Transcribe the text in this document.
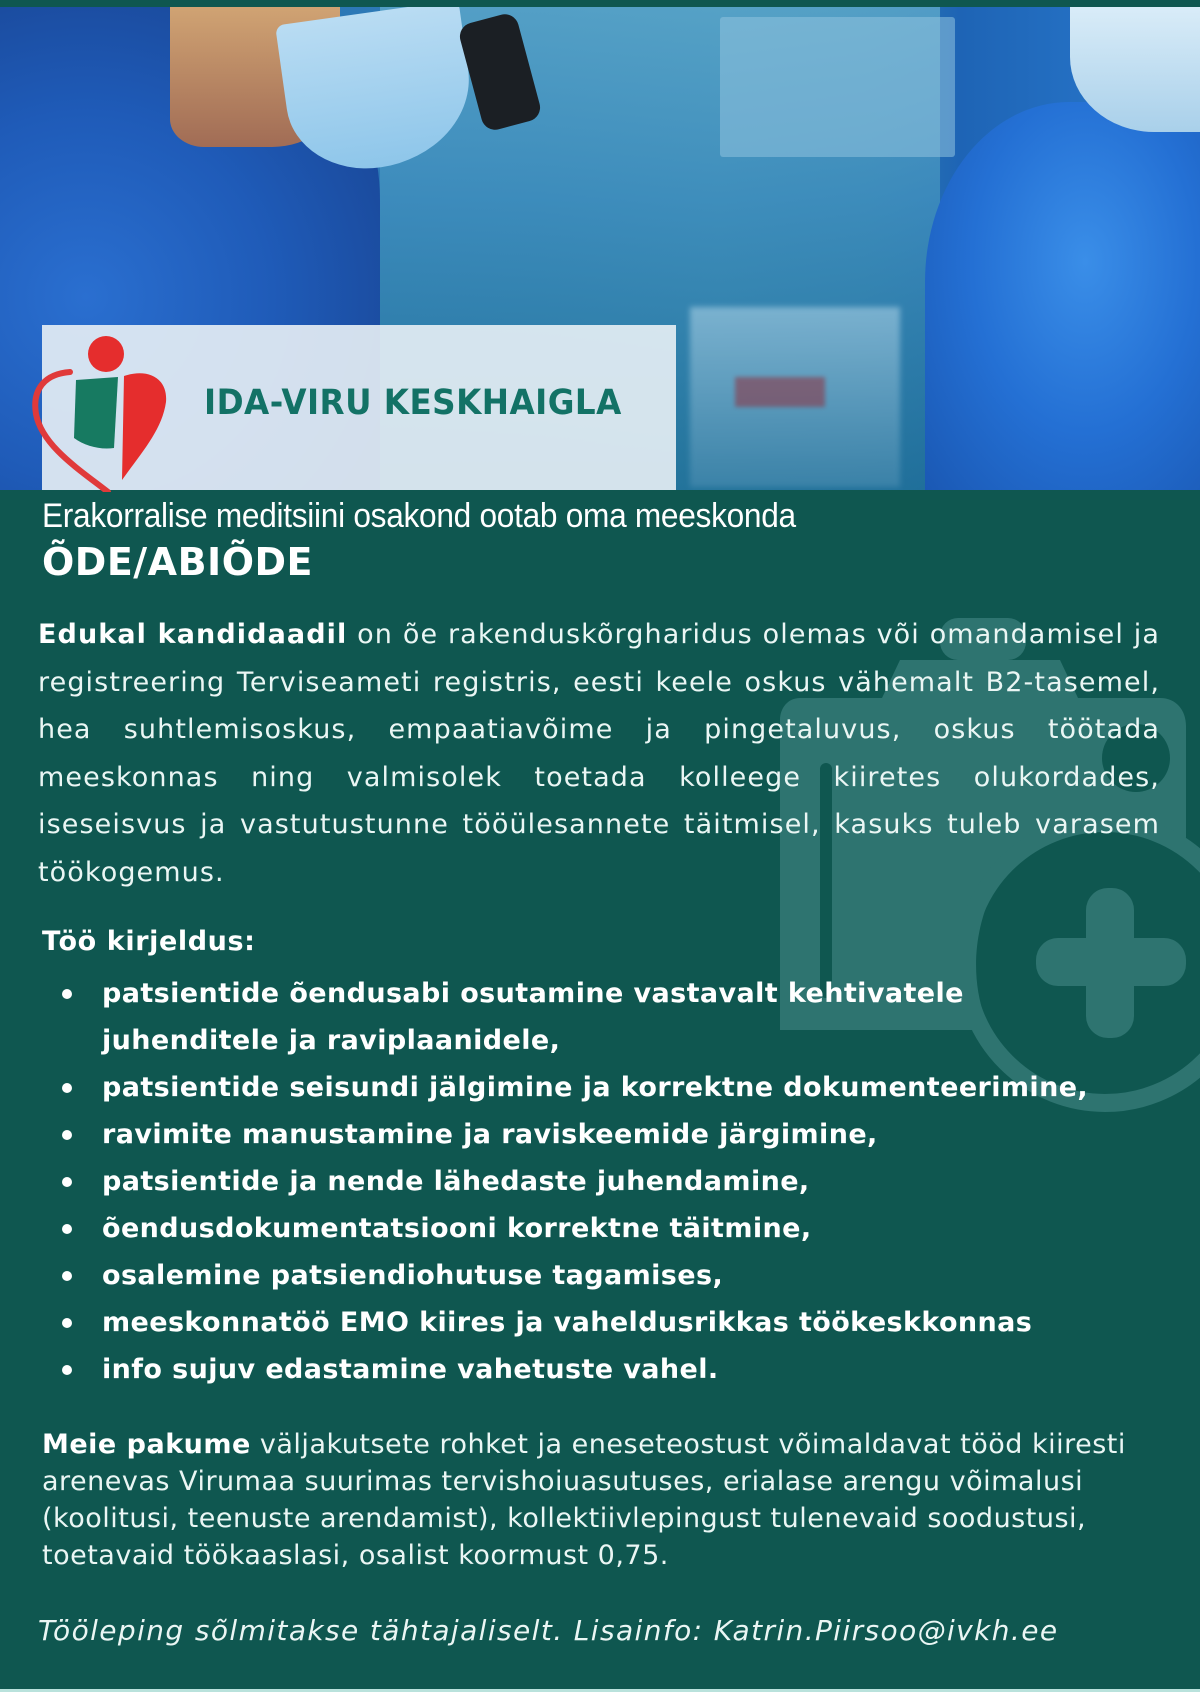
IDA-VIRU KESKHAIGLA
Erakorralise meditsiini osakond ootab oma meeskonda
ÕDE/ABIÕDE

Edukal kandidaadil on õe rakenduskõrgharidus olemas või omandamisel ja registreering Terviseameti registris, eesti keele oskus vähemalt B2-tasemel, hea suhtlemisoskus, empaatiavõime ja pingetaluvus, oskus töötada meeskonnas ning valmisolek toetada kolleege kiiretes olukordades, iseseisvus ja vastutustunne tööülesannete täitmisel, kasuks tuleb varasem töökogemus.

Töö kirjeldus:
patsientide õendusabi osutamine vastavalt kehtivatele juhenditele ja raviplaanidele,
patsientide seisundi jälgimine ja korrektne dokumenteerimine,
ravimite manustamine ja raviskeemide järgimine,
patsientide ja nende lähedaste juhendamine,
õendusdokumentatsiooni korrektne täitmine,
osalemine patsiendiohutuse tagamises,
meeskonnatöö EMO kiires ja vaheldusrikkas töökeskkonnas
info sujuv edastamine vahetuste vahel.

Meie pakume väljakutsete rohket ja eneseteostust võimaldavat tööd kiiresti arenevas Virumaa suurimas tervishoiuasutuses, erialase arengu võimalusi (koolitusi, teenuste arendamist), kollektiivlepingust tulenevaid soodustusi, toetavaid töökaaslasi, osalist koormust 0,75.

Tööleping sõlmitakse tähtajaliselt. Lisainfo: Katrin.Piirsoo@ivkh.ee
